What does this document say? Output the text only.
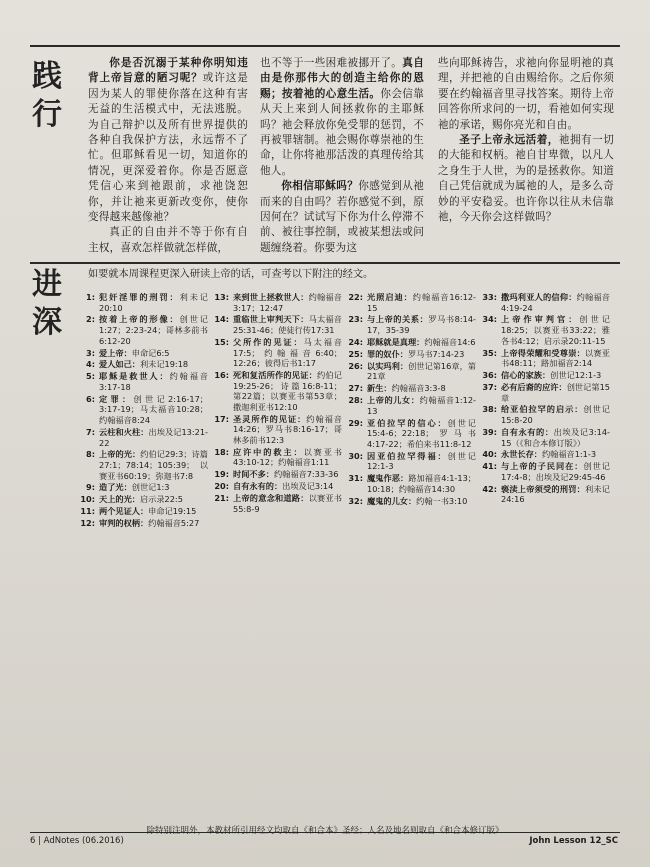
践
行

你是否沉溺于某种你明知违背上帝旨意的陋习呢？或许这是因为某人的罪使你落在这种有害无益的生活模式中，无法逃脱。为自己辩护以及所有世界提供的各种自我保护方法，永远帮不了忙。但耶稣看见一切，知道你的情况，更深爱着你。你是否愿意凭信心来到祂跟前，求祂饶恕你，并让祂来更新改变你，使你变得越来越像祂？

真正的自由并不等于你有自主权，喜欢怎样做就怎样做，

也不等于一些困难被挪开了。真自由是你那伟大的创造主给你的恩赐；按着祂的心意生活。你会信靠从天上来到人间拯救你的主耶稣吗？祂会释放你免受罪的惩罚，不再被罪辖制。祂会赐你尊崇祂的生命，让你将祂那活泼的真理传给其他人。

你相信耶稣吗？你感觉到从祂而来的自由吗？若你感觉不到，原因何在？试试写下你为什么停滞不前、被往事控制，或被某想法或问题缠绕着。你要为这

些向耶稣祷告，求祂向你显明祂的真理，并把祂的自由赐给你。之后你须要在约翰福音里寻找答案。期待上帝回答你所求问的一切，看祂如何实现祂的承诺，赐你亮光和自由。

圣子上帝永远活着，祂拥有一切的大能和权柄。祂自甘卑微，以凡人之身生于人世，为的是拯救你。知道自己凭信就成为属祂的人，是多么奇妙的平安稳妥。也许你以往从未信靠祂，今天你会这样做吗？

进
深
如要就本周课程更深入研读上帝的话，可查考以下附注的经文。
1: 犯奸淫罪的刑罚：利未记20:10
2: 按着上帝的形像：创世记1:27；2:23-24；哥林多前书6:12-20
3: 爱上帝：申命记6:5
4: 爱人如己：利未记19:18
5: 耶稣是救世人：约翰福音3:17-18
6: 定罪：创世记2:16-17；3:17-19；马太福音10:28；约翰福音8:24
7: 云柱和火柱：出埃及记13:21-22
8: 上帝的光：约伯记29:3；诗篇27:1；78:14；105:39；以赛亚书60:19；弥迦书7:8
9: 造了光：创世记1:3
10: 天上的光：启示录22:5
11: 两个见证人：申命记19:15
12: 审判的权柄：约翰福音5:27
13: 来到世上拯救世人：约翰福音3:17；12:47
14: 重临世上审判天下：马太福音25:31-46；使徒行传17:31
15: 父所作的见证：马太福音17:5；约翰福音6:40；12:26；彼得后书1:17
16: 死和复活所作的见证：约伯记19:25-26；诗篇16:8-11；第22篇；以赛亚书第53章；撒迦利亚书12:10
17: 圣灵所作的见证：约翰福音14:26；罗马书8:16-17；哥林多前书12:3
18: 应许中的救主：以赛亚书43:10-12；约翰福音1:11
19: 时间不多：约翰福音7:33-36
20: 自有永有的：出埃及记3:14
21: 上帝的意念和道路：以赛亚书55:8-9
22: 光照启迪：约翰福音16:12-15
23: 与上帝的关系：罗马书8:14-17，35-39
24: 耶稣就是真理：约翰福音14:6
25: 罪的奴仆：罗马书7:14-23
26: 以实玛利：创世记第16章，第21章
27: 新生：约翰福音3:3-8
28: 上帝的儿女：约翰福音1:12-13
29: 亚伯拉罕的信心：创世记15:4-6；22:18；罗马书4:17-22；希伯来书11:8-12
30: 因亚伯拉罕得福：创世记12:1-3
31: 魔鬼作恶：路加福音4:1-13；10:18；约翰福音14:30
32: 魔鬼的儿女：约翰一书3:10
33: 撒玛利亚人的信仰：约翰福音4:19-24
34: 上帝作审判官：创世记18:25；以赛亚书33:22；雅各书4:12；启示录20:11-15
35: 上帝得荣耀和受尊崇：以赛亚书48:11；路加福音2:14
36: 信心的家族：创世记12:1-3
37: 必有后裔的应许：创世记第15章
38: 给亚伯拉罕的启示：创世记15:8-20
39: 自有永有的：出埃及记3:14-15（《和合本修订版》）
40: 永世长存：约翰福音1:1-3
41: 与上帝的子民同在：创世记17:4-8；出埃及记29:45-46
42: 亵渎上帝须受的刑罚：利未记24:16
除特别注明外，本教材所引用经文均取自《和合本》圣经；人名及地名则取自《和合本修订版》
6 | AdNotes (06.2016)	John Lesson 12_SC
